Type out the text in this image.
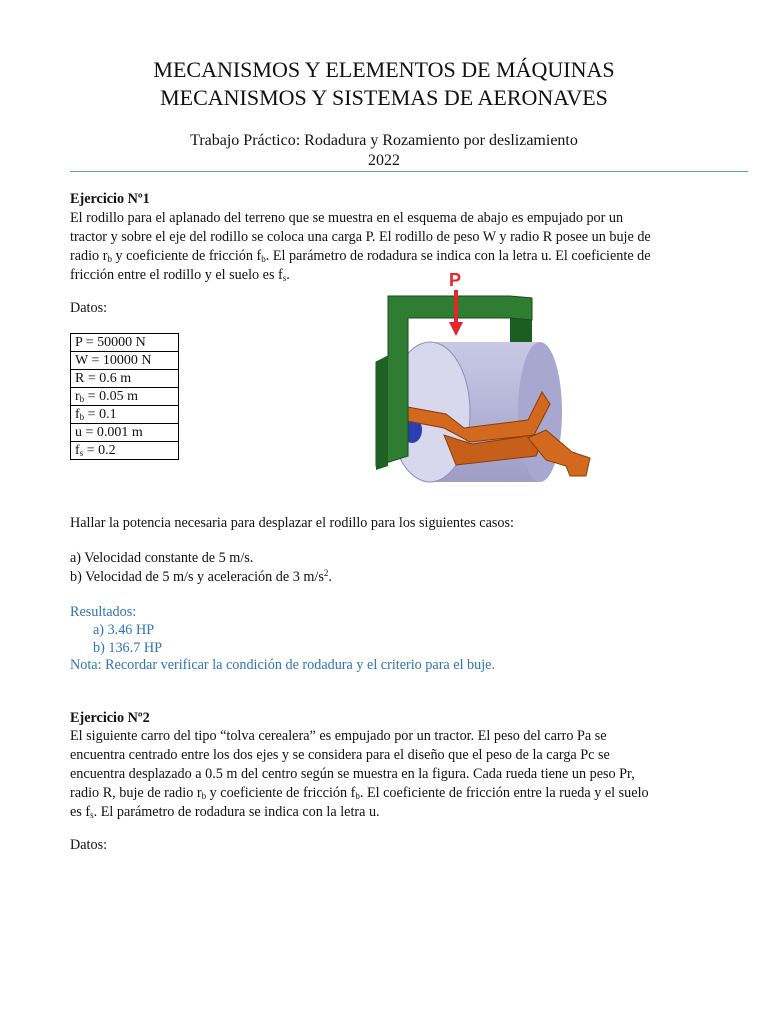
MECANISMOS Y ELEMENTOS DE MÁQUINAS
MECANISMOS Y SISTEMAS DE AERONAVES
Trabajo Práctico: Rodadura y Rozamiento por deslizamiento
2022
Ejercicio Nº1
El rodillo para el aplanado del terreno que se muestra en el esquema de abajo es empujado por un
tractor y sobre el eje del rodillo se coloca una carga P. El rodillo de peso W y radio R posee un buje de
radio $r_b$ y coeficiente de fricción $f_b$. El parámetro de rodadura se indica con la letra u. El coeficiente de
fricción entre el rodillo y el suelo es $f_s$.
Datos:
P = 50000 N
W = 10000 N
R = 0.6 m
$r_b = 0.05$ m
$f_b = 0.1$
u = 0.001 m
$f_s = 0.2$
P
Hallar la potencia necesaria para desplazar el rodillo para los siguientes casos:
a) Velocidad constante de 5 m/s.
b) Velocidad de 5 m/s y aceleración de 3 $m/s^2$.
Resultados:
a) 3.46 HP
b) 136.7 HP
Nota: Recordar verificar la condición de rodadura y el criterio para el buje.
Ejercicio Nº2
El siguiente carro del tipo “tolva cerealera” es empujado por un tractor. El peso del carro Pa se
encuentra centrado entre los dos ejes y se considera para el diseño que el peso de la carga Pc se
encuentra desplazado a 0.5 m del centro según se muestra en la figura. Cada rueda tiene un peso Pr,
radio R, buje de radio $r_b$ y coeficiente de fricción $f_b$. El coeficiente de fricción entre la rueda y el suelo
es $f_s$. El parámetro de rodadura se indica con la letra u.
Datos:
